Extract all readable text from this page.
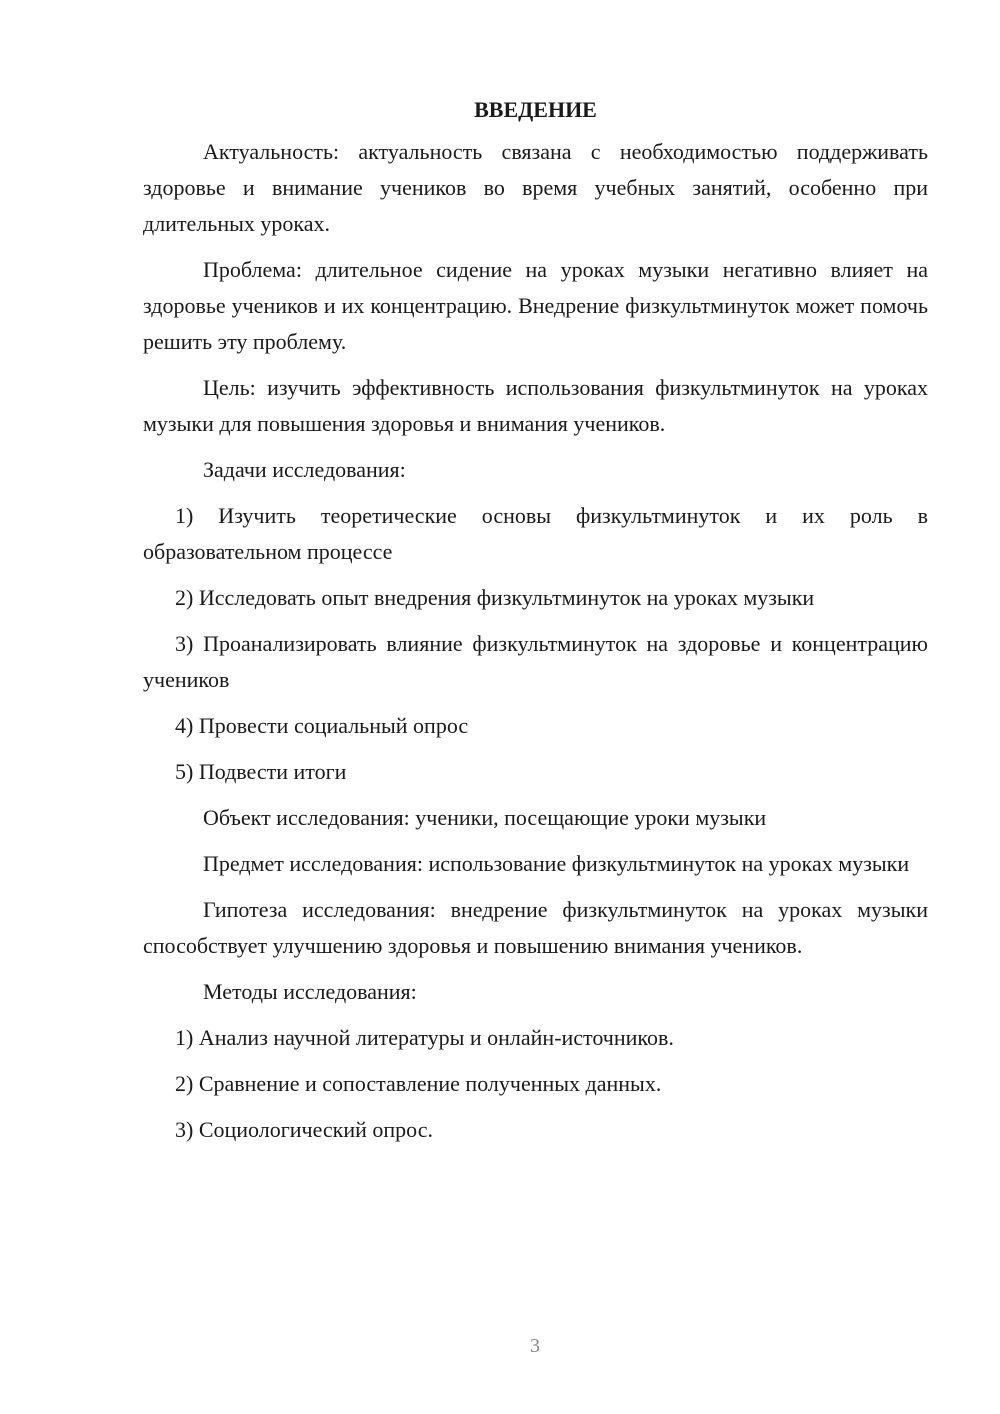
ВВЕДЕНИЕ

Актуальность: актуальность связана с необходимостью поддерживать здоровье и внимание учеников во время учебных занятий, особенно при длительных уроках.

Проблема: длительное сидение на уроках музыки негативно влияет на здоровье учеников и их концентрацию. Внедрение физкультминуток может помочь решить эту проблему.

Цель: изучить эффективность использования физкультминуток на уроках музыки для повышения здоровья и внимания учеников.

Задачи исследования:

1) Изучить теоретические основы физкультминуток и их роль в образовательном процессе

2) Исследовать опыт внедрения физкультминуток на уроках музыки

3) Проанализировать влияние физкультминуток на здоровье и концентрацию учеников

4) Провести социальный опрос

5) Подвести итоги

Объект исследования: ученики, посещающие уроки музыки

Предмет исследования: использование физкультминуток на уроках музыки

Гипотеза исследования: внедрение физкультминуток на уроках музыки способствует улучшению здоровья и повышению внимания учеников.

Методы исследования:

1) Анализ научной литературы и онлайн-источников.

2) Сравнение и сопоставление полученных данных.

3) Социологический опрос.

3
